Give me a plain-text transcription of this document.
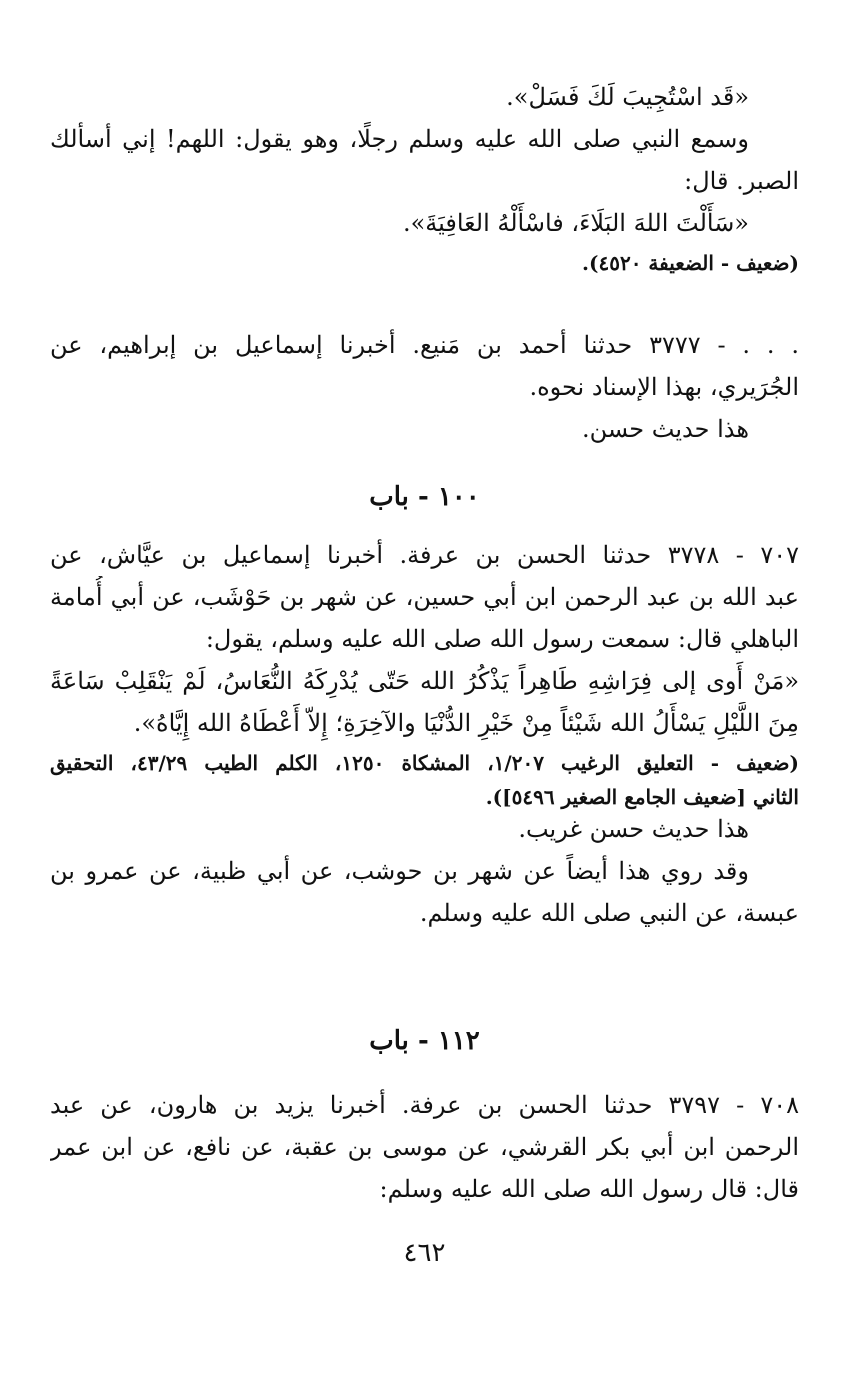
«قَد اسْتُجِيبَ لَكَ فَسَلْ».
وسمع النبي صلى الله عليه وسلم رجلًا، وهو يقول: اللهم! إني أسألك
الصبر. قال:
«سَأَلْتَ اللهَ البَلَاءَ، فاسْأَلْهُ العَافِيَةَ».
(ضعيف - الضعيفة ٤٥٢٠).
. . . - ٣٧٧٧ حدثنا أحمد بن مَنيع. أخبرنا إسماعيل بن إبراهيم، عن
الجُرَيري، بهذا الإسناد نحوه.
هذا حديث حسن.
١٠٠ - باب
٧٠٧ - ٣٧٧٨ حدثنا الحسن بن عرفة. أخبرنا إسماعيل بن عيَّاش، عن
عبد الله بن عبد الرحمن ابن أبي حسين، عن شهر بن حَوْشَب، عن أبي أُمامة
الباهلي قال: سمعت رسول الله صلى الله عليه وسلم، يقول:
«مَنْ أَوى إلى فِرَاشِهِ طَاهِراً يَذْكُرُ الله حَتّى يُدْرِكَهُ النُّعَاسُ، لَمْ يَنْقَلِبْ سَاعَةً
مِنَ اللَّيْلِ يَسْأَلُ الله شَيْئاً مِنْ خَيْرِ الدُّنْيَا والآخِرَةِ؛ إِلاّ أَعْطَاهُ الله إِيَّاهُ».
(ضعيف - التعليق الرغيب ١/٢٠٧، المشكاة ١٢٥٠، الكلم الطيب ٤٣/٢٩، التحقيق
الثاني [ضعيف الجامع الصغير ٥٤٩٦]).
هذا حديث حسن غريب.
وقد روي هذا أيضاً عن شهر بن حوشب، عن أبي ظبية، عن عمرو بن
عبسة، عن النبي صلى الله عليه وسلم.
١١٢ - باب
٧٠٨ - ٣٧٩٧ حدثنا الحسن بن عرفة. أخبرنا يزيد بن هارون، عن عبد
الرحمن ابن أبي بكر القرشي، عن موسى بن عقبة، عن نافع، عن ابن عمر
قال: قال رسول الله صلى الله عليه وسلم:
٤٦٢
